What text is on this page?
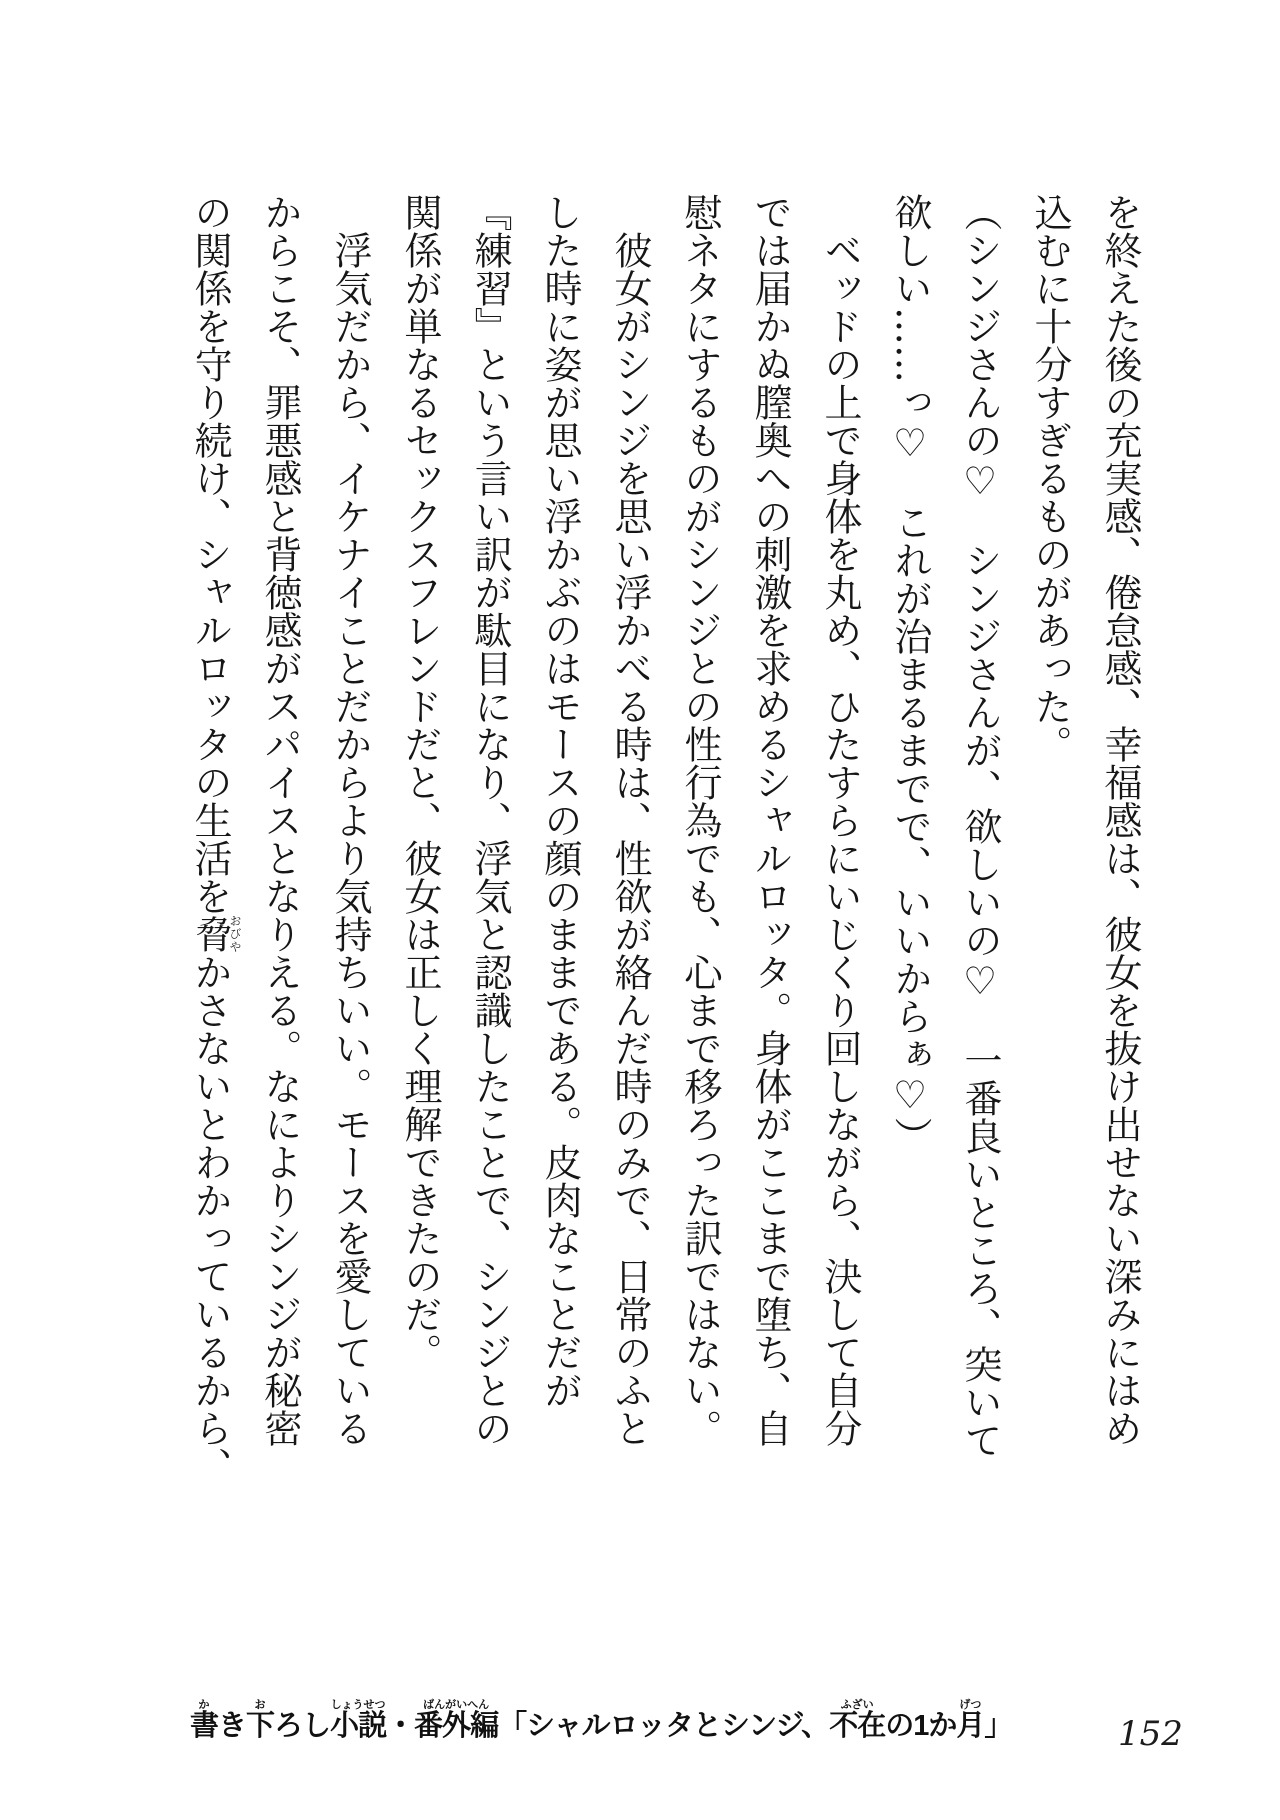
を終えた後の充実感、倦怠感、幸福感は、彼女を抜け出せない深みにはめ

込むに十分すぎるものがあった。

（シンジさんの♡　シンジさんが、欲しいの♡　一番良いところ、突いて

欲しい……っ♡　これが治まるまでで、いいからぁ♡）

ベッドの上で身体を丸め、ひたすらにいじくり回しながら、決して自分

では届かぬ膣奥への刺激を求めるシャルロッタ。身体がここまで堕ち、自

慰ネタにするものがシンジとの性行為でも、心まで移ろった訳ではない。

彼女がシンジを思い浮かべる時は、性欲が絡んだ時のみで、日常のふと

した時に姿が思い浮かぶのはモースの顔のままである。皮肉なことだが

『練習』という言い訳が駄目になり、浮気と認識したことで、シンジとの

関係が単なるセックスフレンドだと、彼女は正しく理解できたのだ。

浮気だから、イケナイことだからより気持ちいい。モースを愛している

からこそ、罪悪感と背徳感がスパイスとなりえる。なによりシンジが秘密

の関係を守り続け、シャルロッタの生活を脅おびやかさないとわかっているから、

書かき下おろし小説しょうせつ・番外編ばんがいへん「シャルロッタとシンジ、不在ふざいの1か月げつ」	152
